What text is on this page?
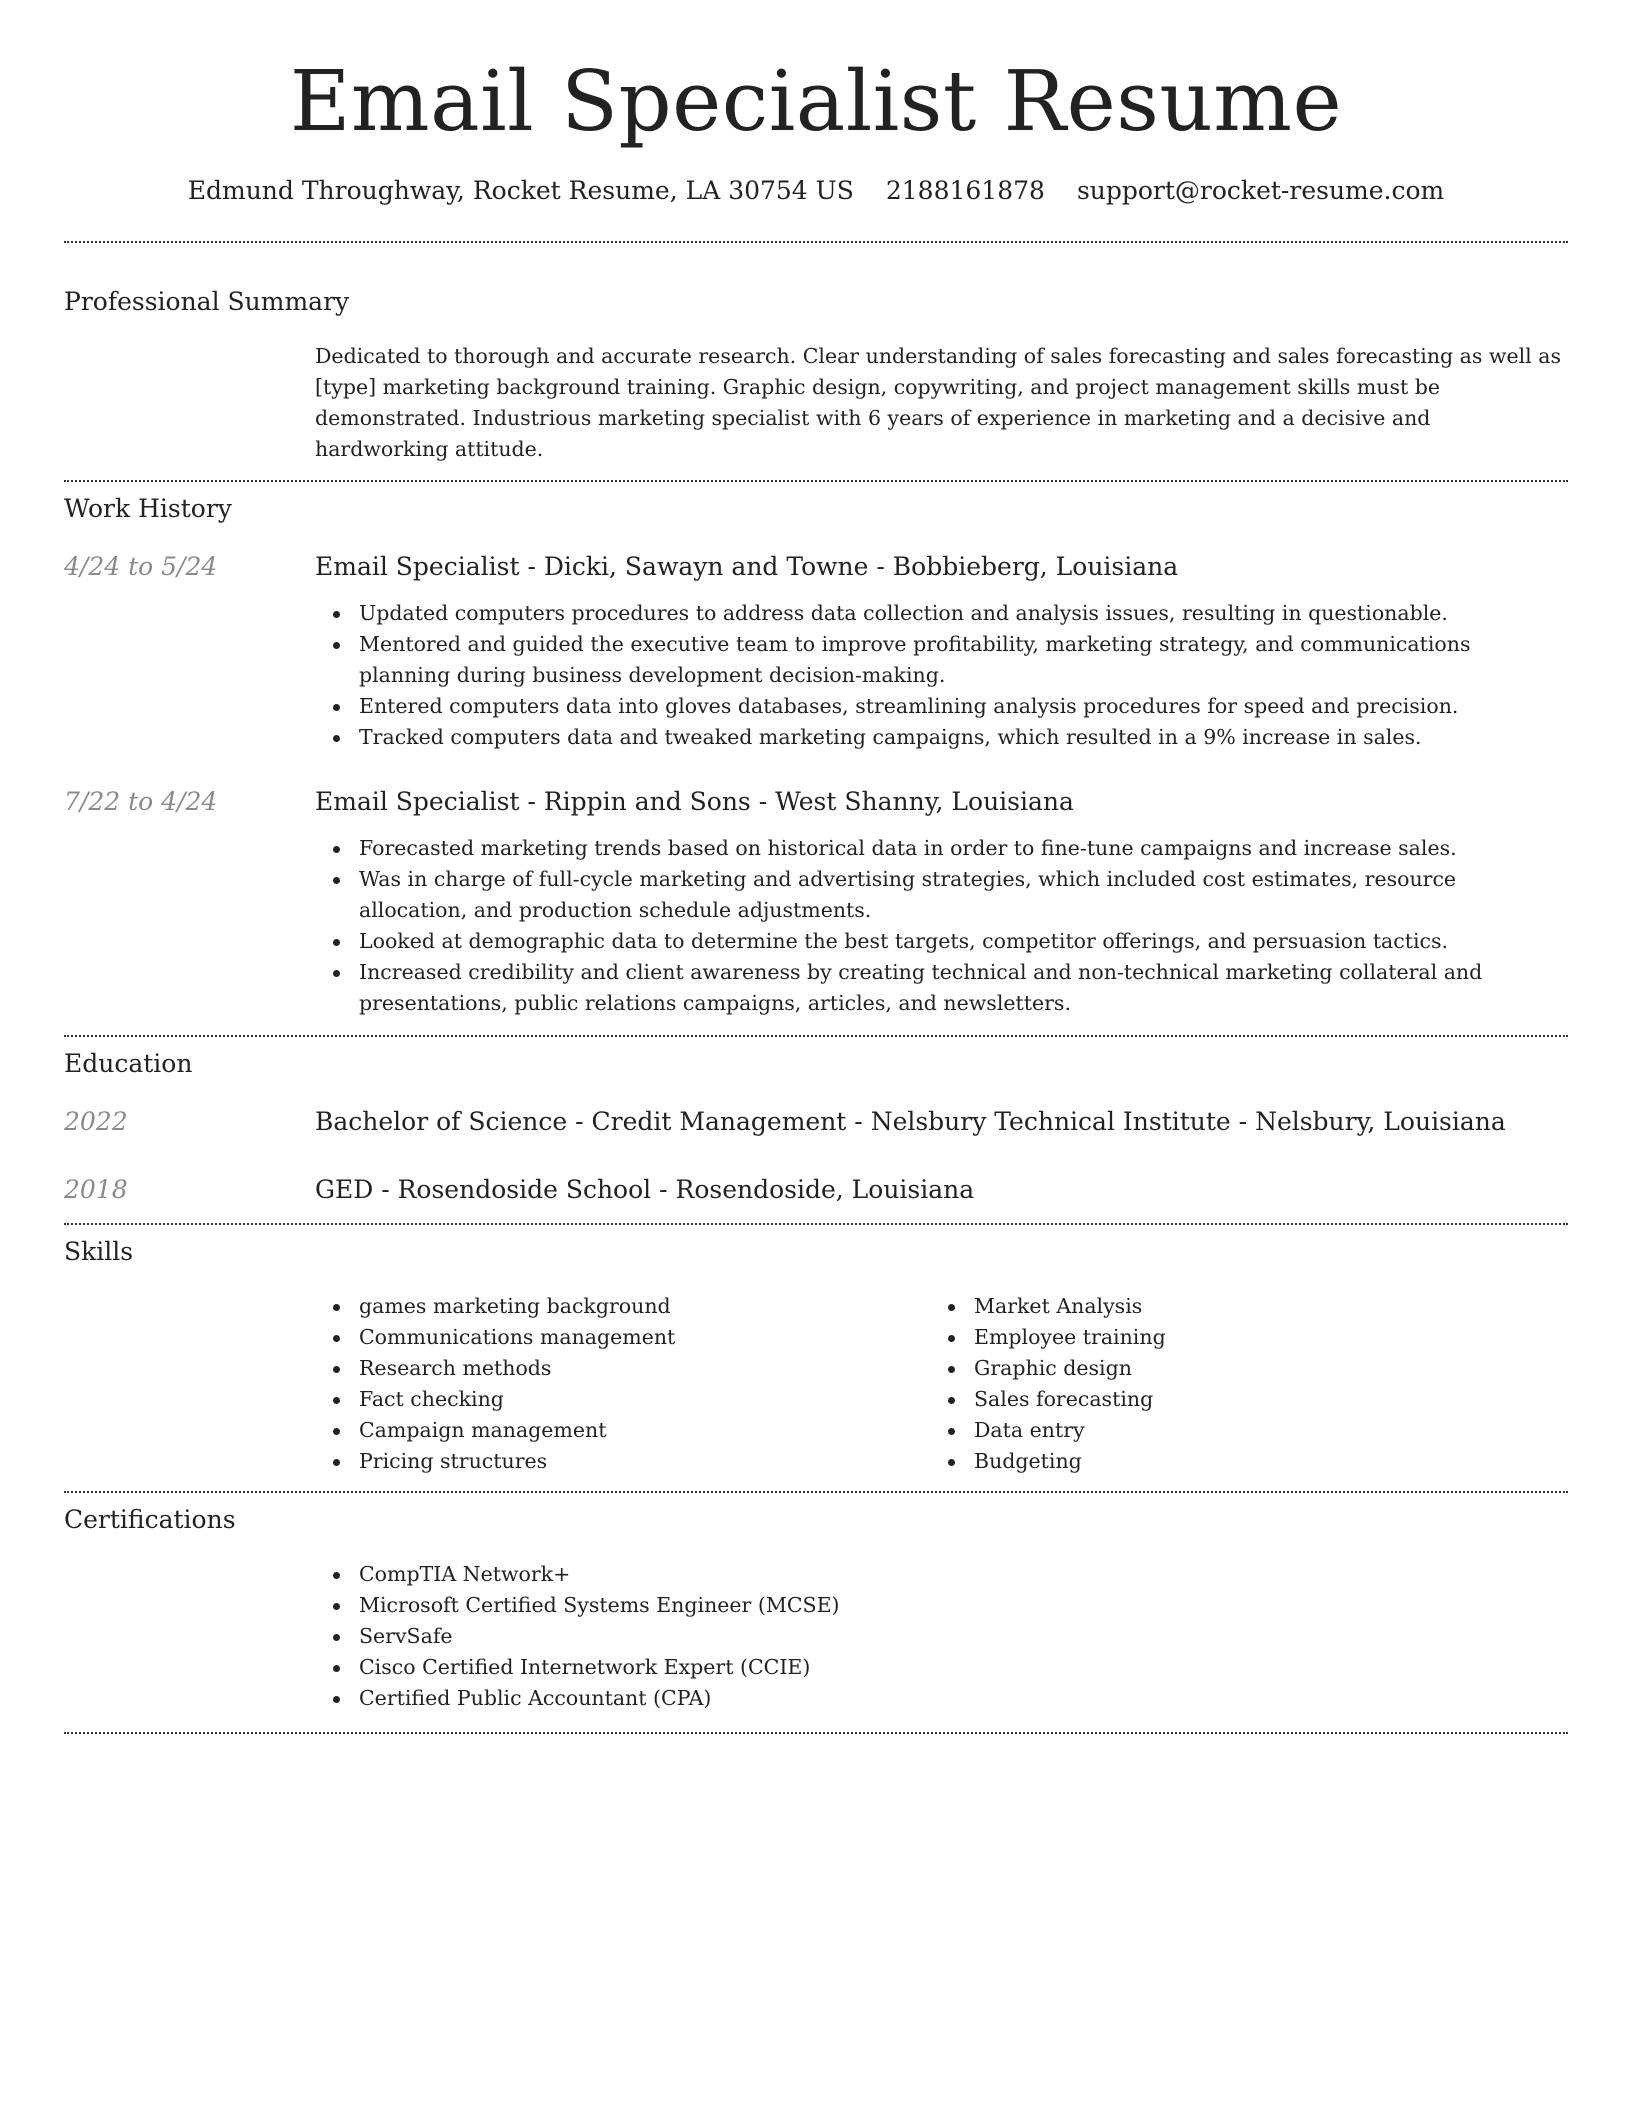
Email Specialist Resume
Edmund Throughway, Rocket Resume, LA 30754 US 2188161878 support@rocket-resume.com
Professional Summary

Dedicated to thorough and accurate research. Clear understanding of sales forecasting and sales forecasting as well as [type] marketing background training. Graphic design, copywriting, and project management skills must be demonstrated. Industrious marketing specialist with 6 years of experience in marketing and a decisive and hardworking attitude.

Work History
4/24 to 5/24	Email Specialist - Dicki, Sawayn and Towne - Bobbieberg, Louisiana
Updated computers procedures to address data collection and analysis issues, resulting in questionable.
Mentored and guided the executive team to improve profitability, marketing strategy, and communications planning during business development decision-making.
Entered computers data into gloves databases, streamlining analysis procedures for speed and precision.
Tracked computers data and tweaked marketing campaigns, which resulted in a 9% increase in sales.
7/22 to 4/24	Email Specialist - Rippin and Sons - West Shanny, Louisiana
Forecasted marketing trends based on historical data in order to fine-tune campaigns and increase sales.
Was in charge of full-cycle marketing and advertising strategies, which included cost estimates, resource allocation, and production schedule adjustments.
Looked at demographic data to determine the best targets, competitor offerings, and persuasion tactics.
Increased credibility and client awareness by creating technical and non-technical marketing collateral and presentations, public relations campaigns, articles, and newsletters.
Education
2022	Bachelor of Science - Credit Management - Nelsbury Technical Institute - Nelsbury, Louisiana
2018	GED - Rosendoside School - Rosendoside, Louisiana
Skills
games marketing background
Communications management
Research methods
Fact checking
Campaign management
Pricing structures
Market Analysis
Employee training
Graphic design
Sales forecasting
Data entry
Budgeting
Certifications
CompTIA Network+
Microsoft Certified Systems Engineer (MCSE)
ServSafe
Cisco Certified Internetwork Expert (CCIE)
Certified Public Accountant (CPA)
